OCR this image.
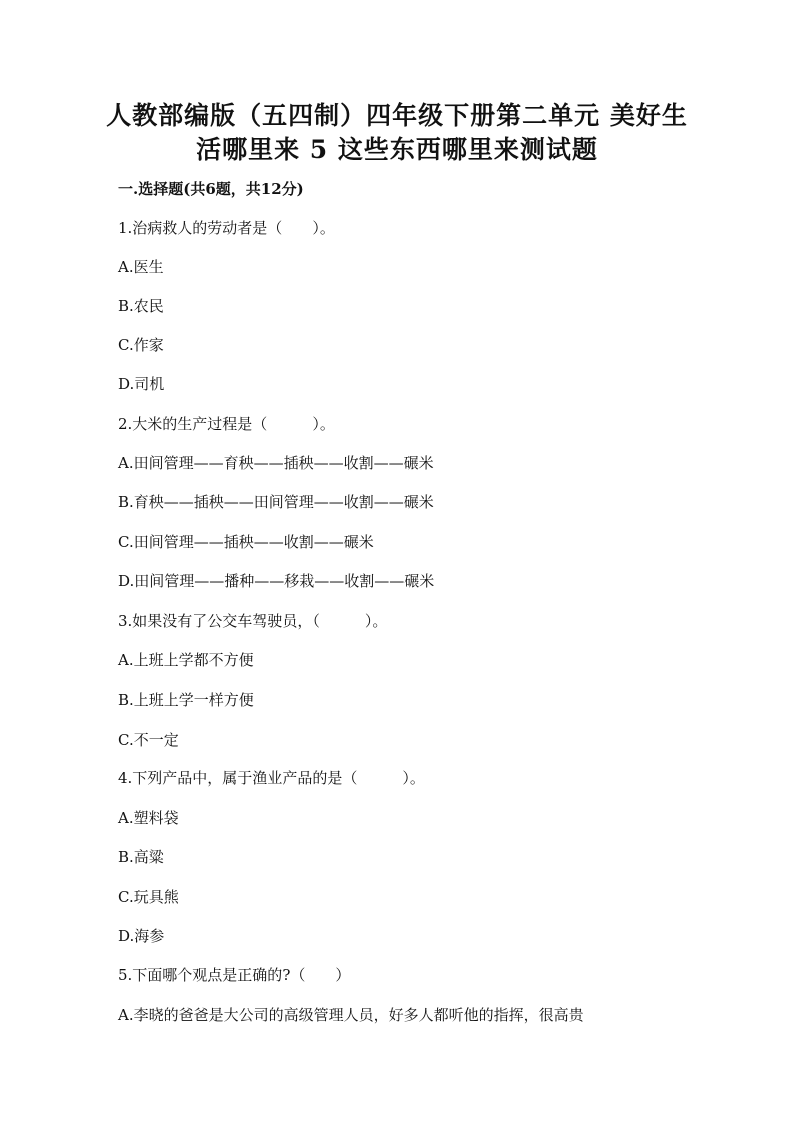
人教部编版（五四制）四年级下册第二单元 美好生
活哪里来 5 这些东西哪里来测试题
一.选择题(共6题，共12分)
1.治病救人的劳动者是（　　）。
A.医生
B.农民
C.作家
D.司机
2.大米的生产过程是（　　　）。
A.田间管理——育秧——插秧——收割——碾米
B.育秧——插秧——田间管理——收割——碾米
C.田间管理——插秧——收割——碾米
D.田间管理——播种——移栽——收割——碾米
3.如果没有了公交车驾驶员，（　　　）。
A.上班上学都不方便
B.上班上学一样方便
C.不一定
4.下列产品中，属于渔业产品的是（　　　）。
A.塑料袋
B.高粱
C.玩具熊
D.海参
5.下面哪个观点是正确的?（　　）
A.李晓的爸爸是大公司的高级管理人员，好多人都听他的指挥，很高贵
